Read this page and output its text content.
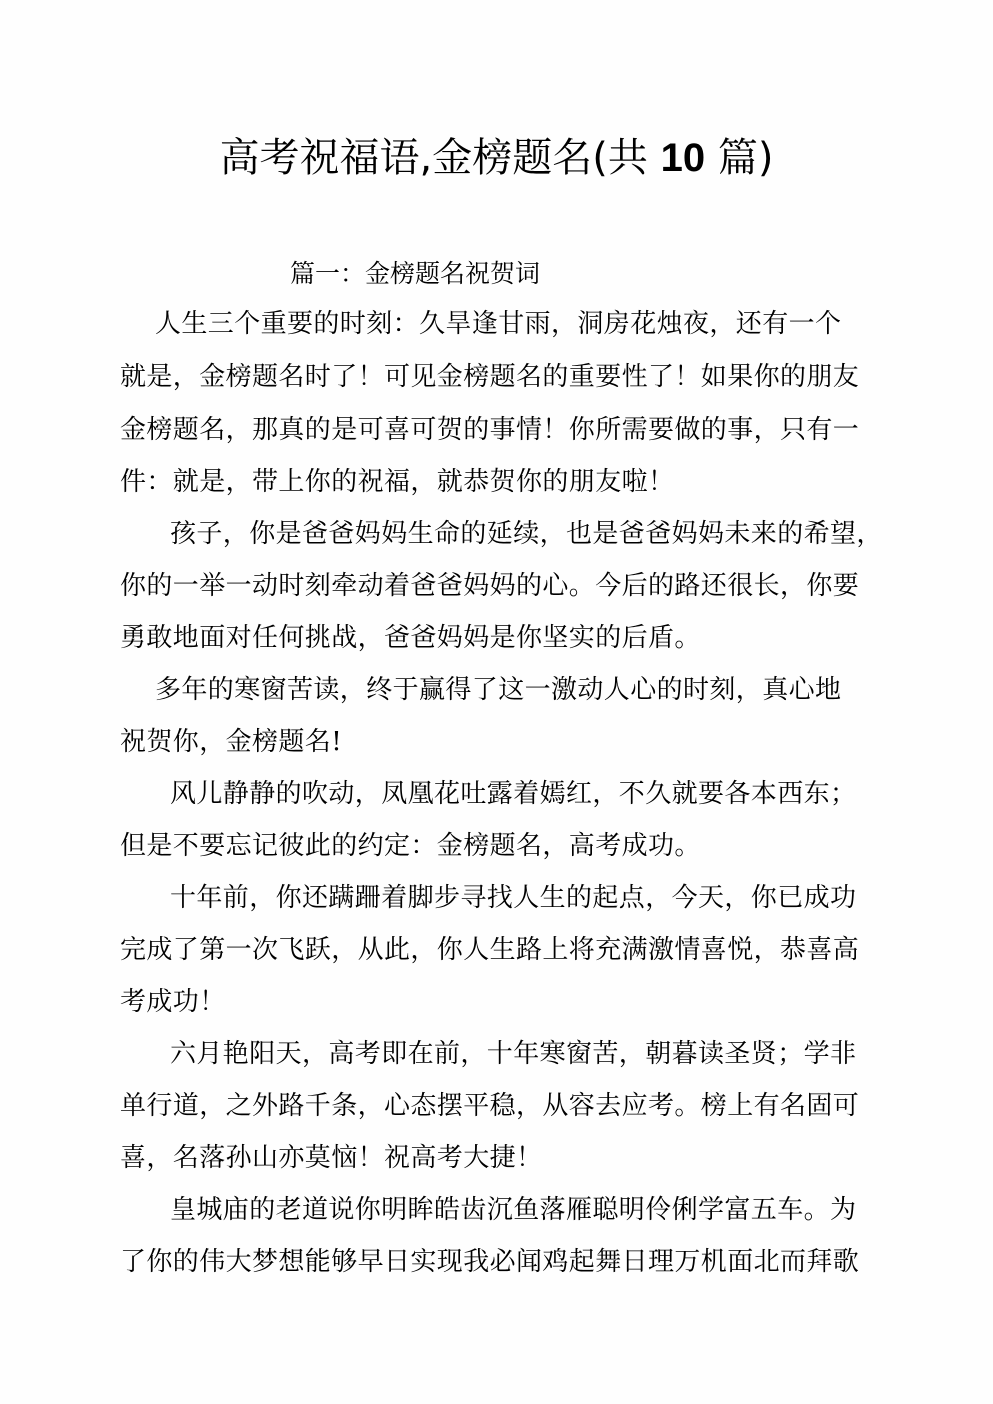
高考祝福语,金榜题名(共 10 篇)
篇一：金榜题名祝贺词
人生三个重要的时刻：久旱逢甘雨，洞房花烛夜，还有一个
就是，金榜题名时了！可见金榜题名的重要性了！如果你的朋友
金榜题名，那真的是可喜可贺的事情！你所需要做的事，只有一
件：就是，带上你的祝福，就恭贺你的朋友啦！
孩子，你是爸爸妈妈生命的延续，也是爸爸妈妈未来的希望，
你的一举一动时刻牵动着爸爸妈妈的心。今后的路还很长，你要
勇敢地面对任何挑战，爸爸妈妈是你坚实的后盾。
多年的寒窗苦读，终于赢得了这一激动人心的时刻，真心地
祝贺你，金榜题名!
风儿静静的吹动，凤凰花吐露着嫣红，不久就要各本西东；
但是不要忘记彼此的约定：金榜题名，高考成功。
十年前，你还蹒跚着脚步寻找人生的起点，今天，你已成功
完成了第一次飞跃，从此，你人生路上将充满激情喜悦，恭喜高
考成功！
六月艳阳天，高考即在前，十年寒窗苦，朝暮读圣贤；学非
单行道，之外路千条，心态摆平稳，从容去应考。榜上有名固可
喜，名落孙山亦莫恼！祝高考大捷！
皇城庙的老道说你明眸皓齿沉鱼落雁聪明伶俐学富五车。为
了你的伟大梦想能够早日实现我必闻鸡起舞日理万机面北而拜歌
